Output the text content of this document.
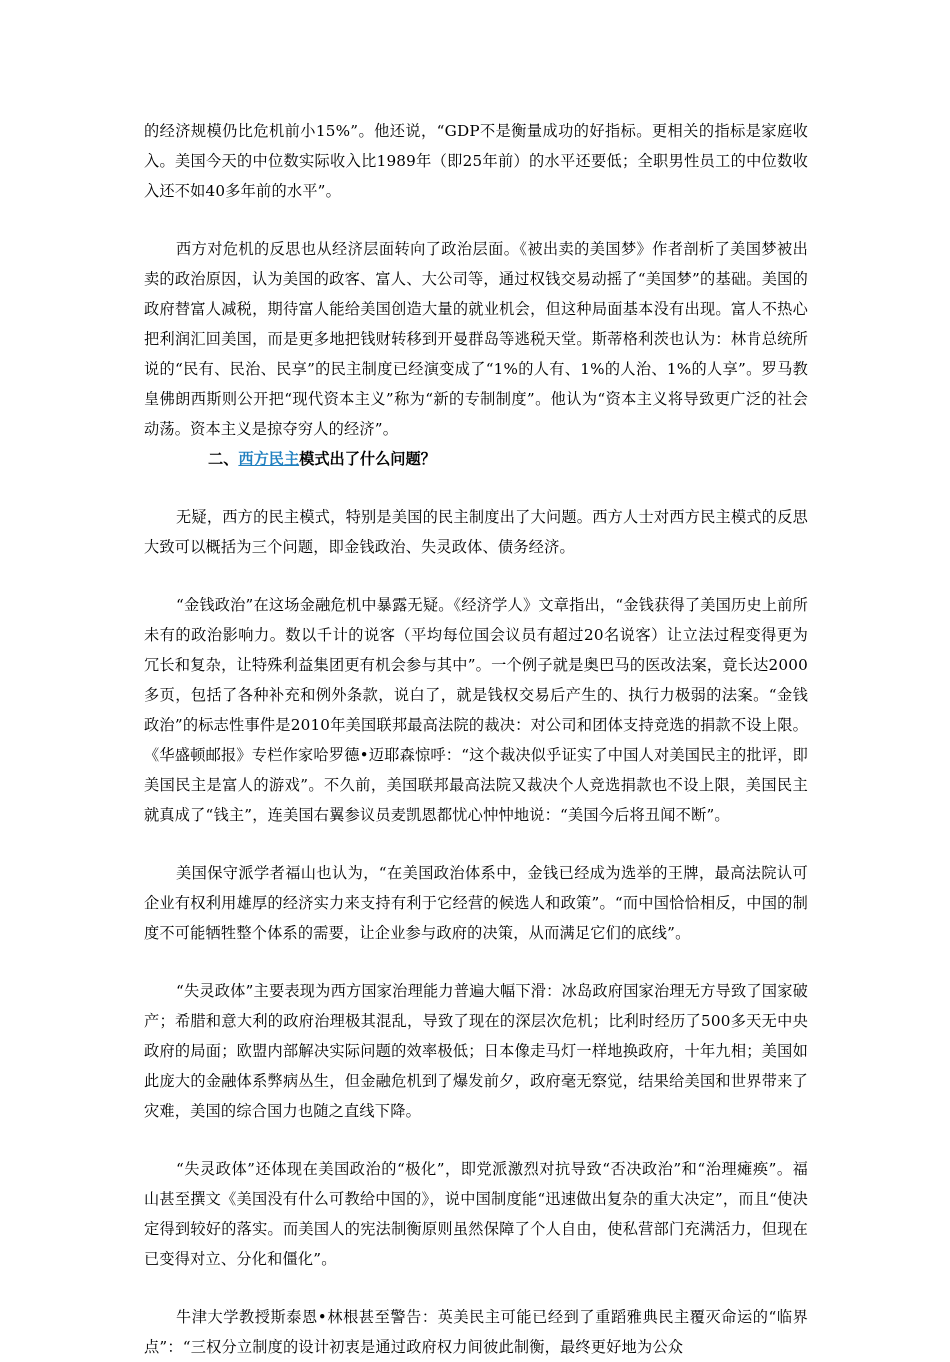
的经济规模仍比危机前小15%”。他还说，“GDP不是衡量成功的好指标。更相关的指标是家庭收入。美国今天的中位数实际收入比1989年（即25年前）的水平还要低；全职男性员工的中位数收入还不如40多年前的水平”。

西方对危机的反思也从经济层面转向了政治层面。《被出卖的美国梦》作者剖析了美国梦被出卖的政治原因，认为美国的政客、富人、大公司等，通过权钱交易动摇了“美国梦”的基础。美国的政府替富人减税，期待富人能给美国创造大量的就业机会，但这种局面基本没有出现。富人不热心把利润汇回美国，而是更多地把钱财转移到开曼群岛等逃税天堂。斯蒂格利茨也认为：林肯总统所说的“民有、民治、民享”的民主制度已经演变成了“1%的人有、1%的人治、1%的人享”。罗马教皇佛朗西斯则公开把“现代资本主义”称为“新的专制制度”。他认为“资本主义将导致更广泛的社会动荡。资本主义是掠夺穷人的经济”。

二、西方民主模式出了什么问题？

无疑，西方的民主模式，特别是美国的民主制度出了大问题。西方人士对西方民主模式的反思大致可以概括为三个问题，即金钱政治、失灵政体、债务经济。

“金钱政治”在这场金融危机中暴露无疑。《经济学人》文章指出，“金钱获得了美国历史上前所未有的政治影响力。数以千计的说客（平均每位国会议员有超过20名说客）让立法过程变得更为冗长和复杂，让特殊利益集团更有机会参与其中”。一个例子就是奥巴马的医改法案，竟长达2000多页，包括了各种补充和例外条款，说白了，就是钱权交易后产生的、执行力极弱的法案。“金钱政治”的标志性事件是2010年美国联邦最高法院的裁决：对公司和团体支持竞选的捐款不设上限。《华盛顿邮报》专栏作家哈罗德•迈耶森惊呼：“这个裁决似乎证实了中国人对美国民主的批评，即美国民主是富人的游戏”。不久前，美国联邦最高法院又裁决个人竞选捐款也不设上限，美国民主就真成了“钱主”，连美国右翼参议员麦凯恩都忧心忡忡地说：“美国今后将丑闻不断”。

美国保守派学者福山也认为，“在美国政治体系中，金钱已经成为选举的王牌，最高法院认可企业有权利用雄厚的经济实力来支持有利于它经营的候选人和政策”。“而中国恰恰相反，中国的制度不可能牺牲整个体系的需要，让企业参与政府的决策，从而满足它们的底线”。

“失灵政体”主要表现为西方国家治理能力普遍大幅下滑：冰岛政府国家治理无方导致了国家破产；希腊和意大利的政府治理极其混乱，导致了现在的深层次危机；比利时经历了500多天无中央政府的局面；欧盟内部解决实际问题的效率极低；日本像走马灯一样地换政府，十年九相；美国如此庞大的金融体系弊病丛生，但金融危机到了爆发前夕，政府毫无察觉，结果给美国和世界带来了灾难，美国的综合国力也随之直线下降。

“失灵政体”还体现在美国政治的“极化”，即党派激烈对抗导致“否决政治”和“治理瘫痪”。福山甚至撰文《美国没有什么可教给中国的》，说中国制度能“迅速做出复杂的重大决定”，而且“使决定得到较好的落实。而美国人的宪法制衡原则虽然保障了个人自由，使私营部门充满活力，但现在已变得对立、分化和僵化”。

牛津大学教授斯泰恩•林根甚至警告：英美民主可能已经到了重蹈雅典民主覆灭命运的“临界点”：“三权分立制度的设计初衷是通过政府权力间彼此制衡，最终更好地为公众
